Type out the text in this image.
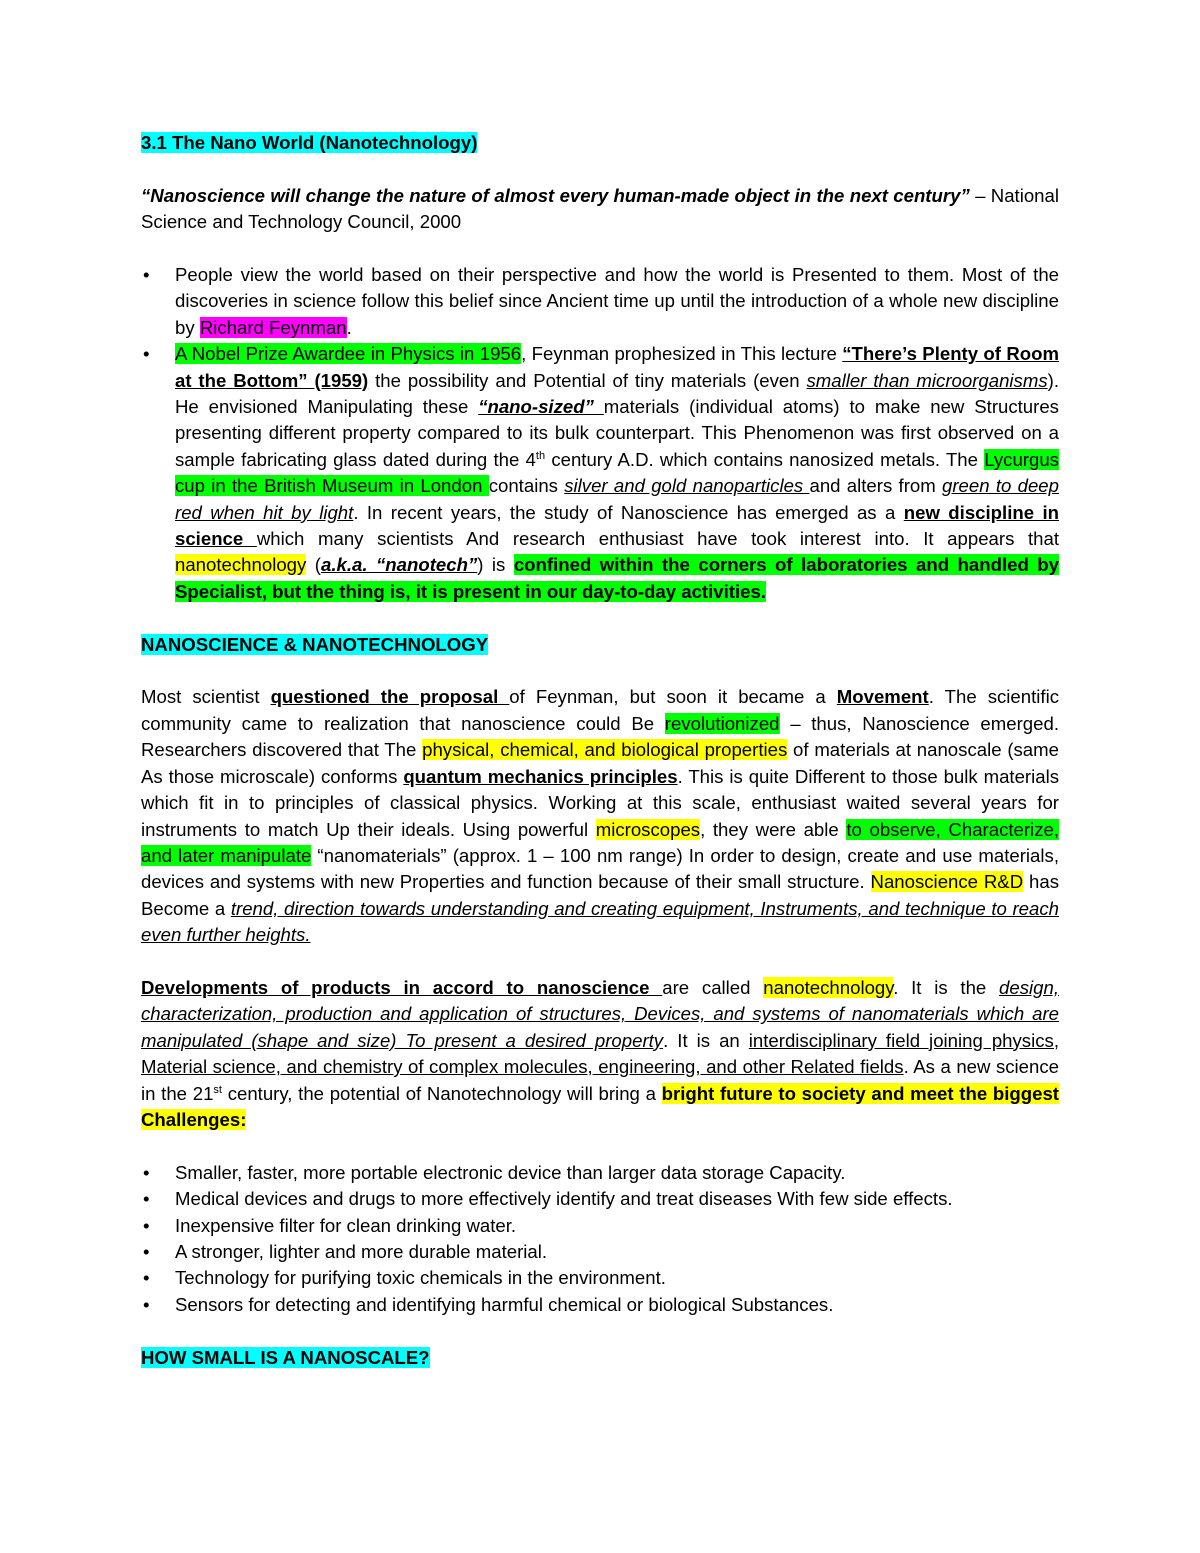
3.1 The Nano World (Nanotechnology)

“Nanoscience will change the nature of almost every human-made object in the next century” – National Science and Technology Council, 2000

• People view the world based on their perspective and how the world is Presented to them. Most of the discoveries in science follow this belief since Ancient time up until the introduction of a whole new discipline by Richard Feynman.
• A Nobel Prize Awardee in Physics in 1956, Feynman prophesized in This lecture “There’s Plenty of Room at the Bottom” (1959) the possibility and Potential of tiny materials (even smaller than microorganisms). He envisioned Manipulating these “nano-sized” materials (individual atoms) to make new Structures presenting different property compared to its bulk counterpart. This Phenomenon was first observed on a sample fabricating glass dated during the 4th century A.D. which contains nanosized metals. The Lycurgus cup in the British Museum in London contains silver and gold nanoparticles and alters from green to deep red when hit by light. In recent years, the study of Nanoscience has emerged as a new discipline in science which many scientists And research enthusiast have took interest into. It appears that nanotechnology (a.k.a. “nanotech”) is confined within the corners of laboratories and handled by Specialist, but the thing is, it is present in our day-to-day activities.

NANOSCIENCE & NANOTECHNOLOGY

Most scientist questioned the proposal of Feynman, but soon it became a Movement. The scientific community came to realization that nanoscience could Be revolutionized – thus, Nanoscience emerged. Researchers discovered that The physical, chemical, and biological properties of materials at nanoscale (same As those microscale) conforms quantum mechanics principles. This is quite Different to those bulk materials which fit in to principles of classical physics. Working at this scale, enthusiast waited several years for instruments to match Up their ideals. Using powerful microscopes, they were able to observe, Characterize, and later manipulate “nanomaterials” (approx. 1 – 100 nm range) In order to design, create and use materials, devices and systems with new Properties and function because of their small structure. Nanoscience R&D has Become a trend, direction towards understanding and creating equipment, Instruments, and technique to reach even further heights.

Developments of products in accord to nanoscience are called nanotechnology. It is the design, characterization, production and application of structures, Devices, and systems of nanomaterials which are manipulated (shape and size) To present a desired property. It is an interdisciplinary field joining physics, Material science, and chemistry of complex molecules, engineering, and other Related fields. As a new science in the 21st century, the potential of Nanotechnology will bring a bright future to society and meet the biggest Challenges:

• Smaller, faster, more portable electronic device than larger data storage Capacity.
• Medical devices and drugs to more effectively identify and treat diseases With few side effects.
• Inexpensive filter for clean drinking water.
• A stronger, lighter and more durable material.
• Technology for purifying toxic chemicals in the environment.
• Sensors for detecting and identifying harmful chemical or biological Substances.

HOW SMALL IS A NANOSCALE?
